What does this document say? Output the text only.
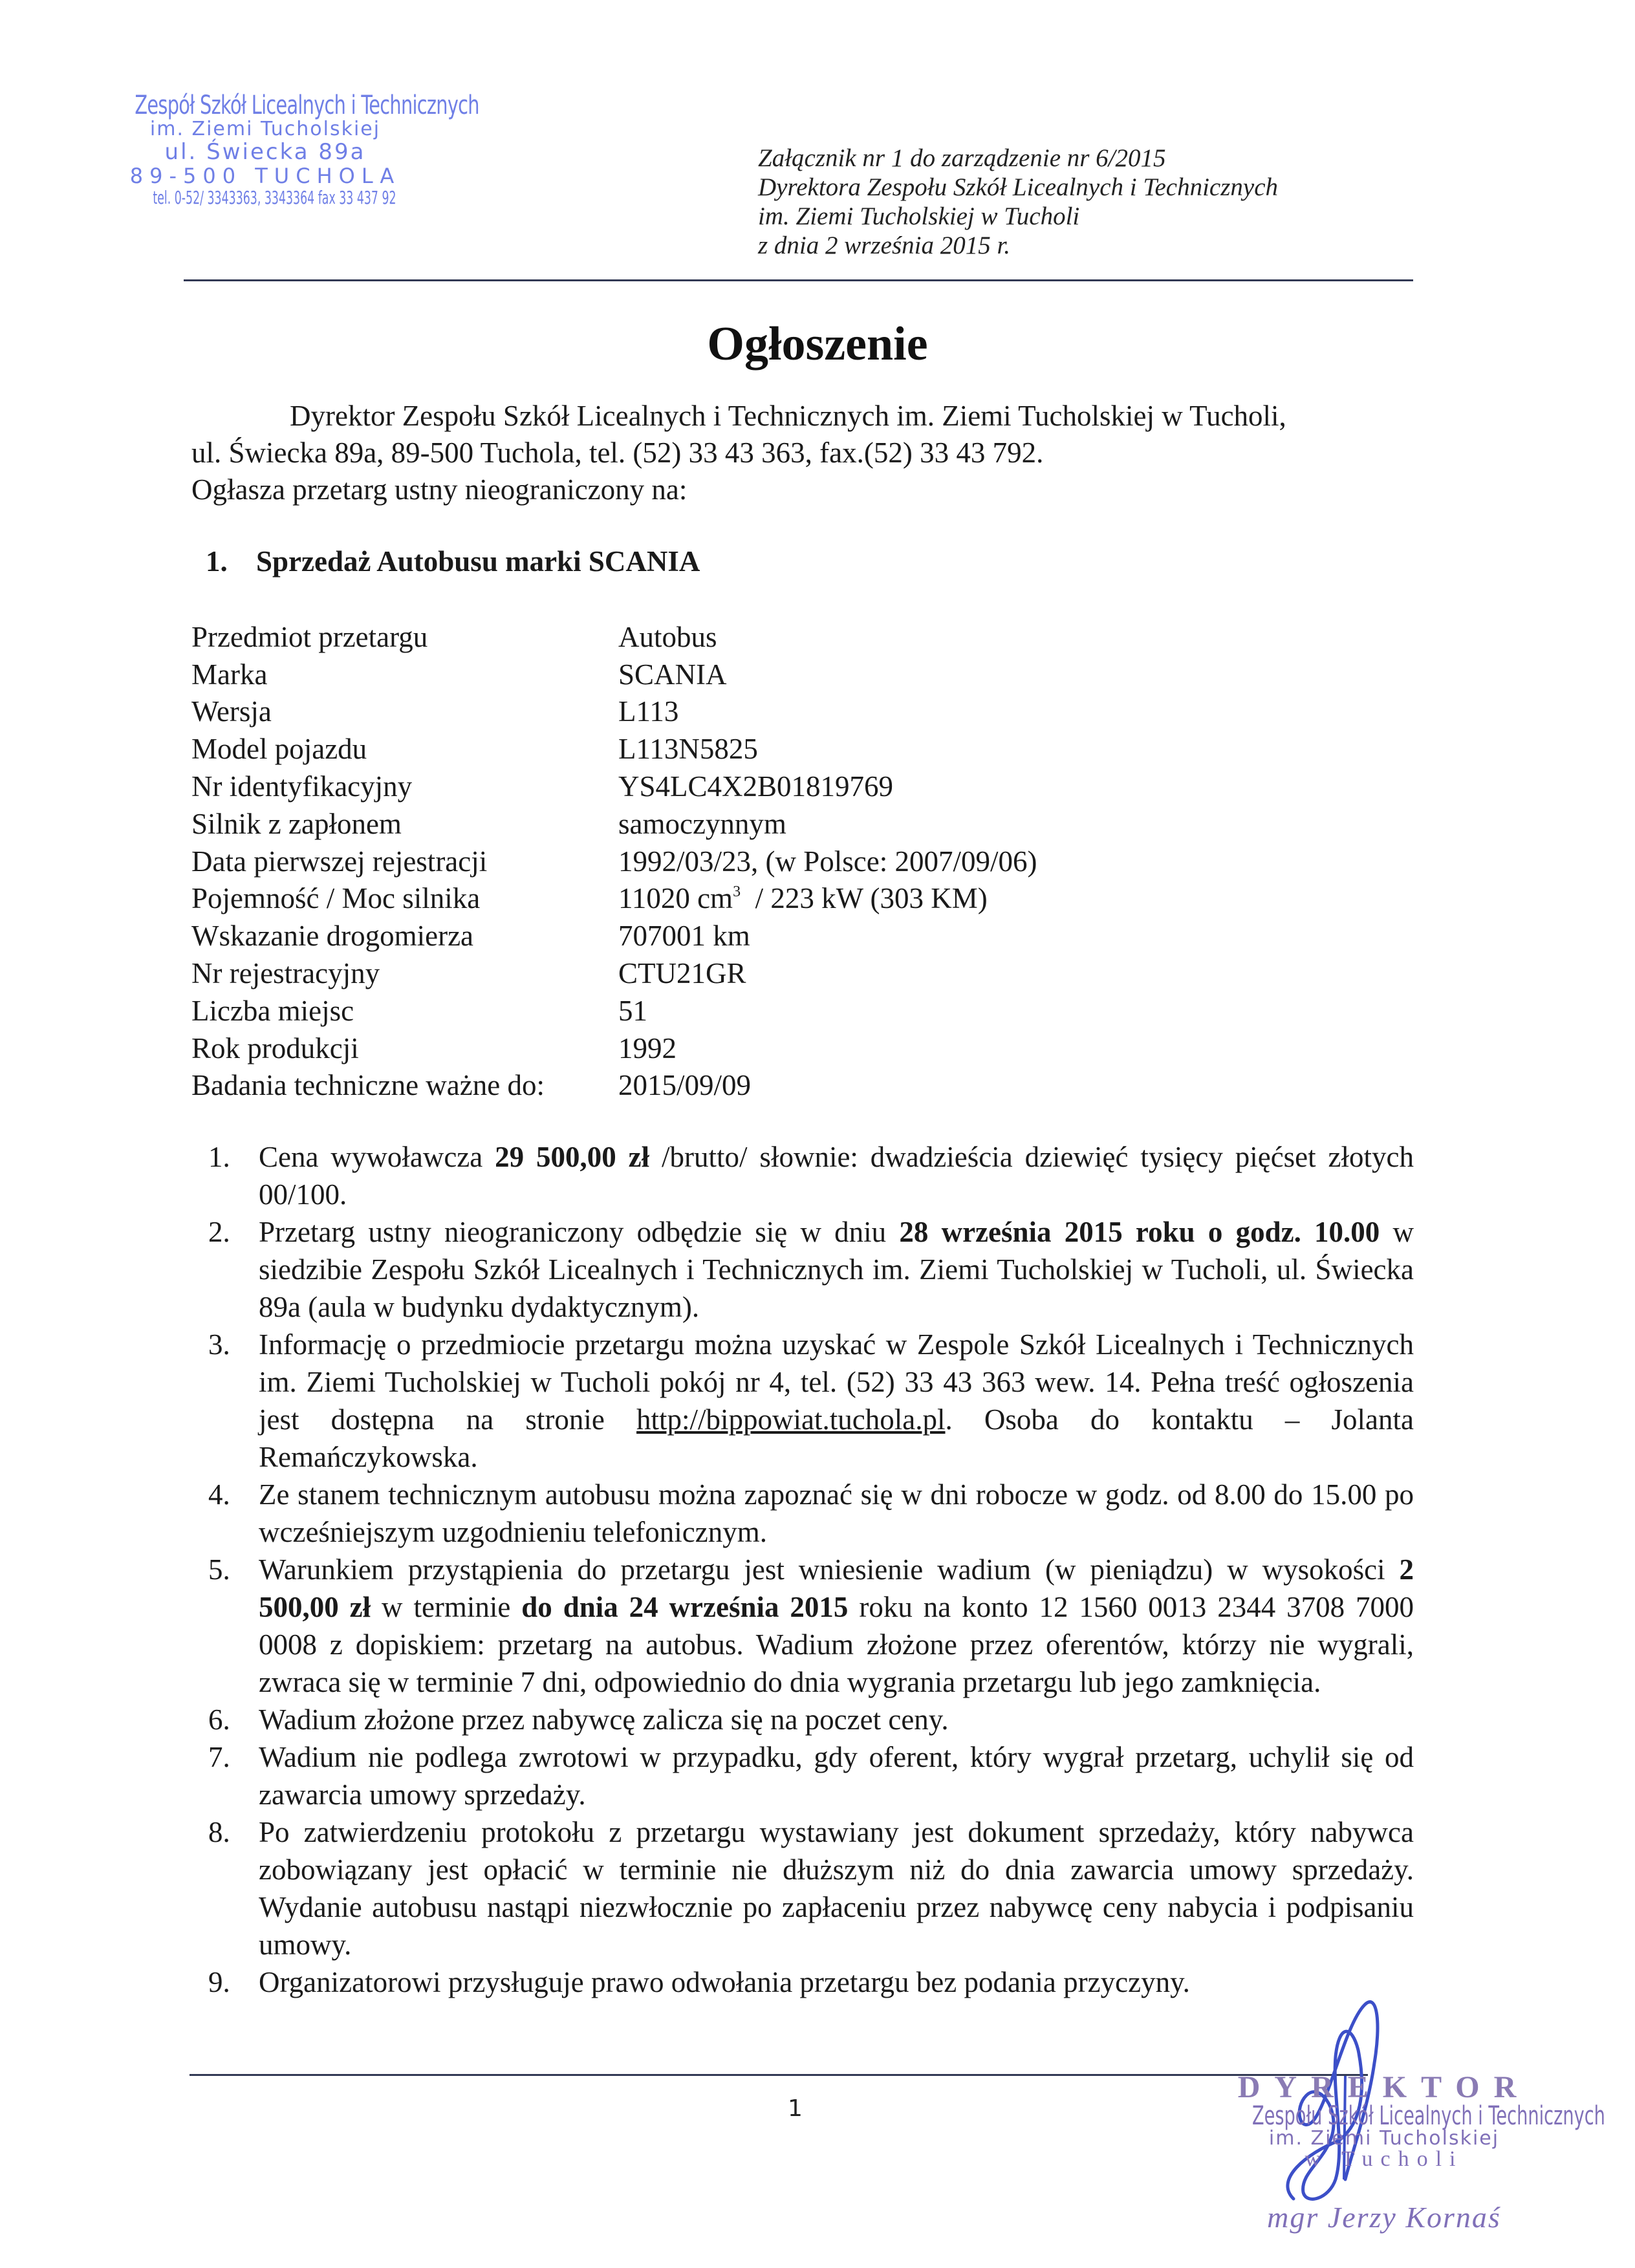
Zespół Szkół Licealnych i Technicznych
im. Ziemi Tucholskiej
ul. Świecka 89a
89-500 TUCHOLA
tel. 0-52/ 3343363, 3343364 fax 33 437 92
Załącznik nr 1 do zarządzenie nr 6/2015
Dyrektora Zespołu Szkół Licealnych i Technicznych
im. Ziemi Tucholskiej w Tucholi
z dnia 2 września 2015 r.
Ogłoszenie

Dyrektor Zespołu Szkół Licealnych i Technicznych im. Ziemi Tucholskiej w Tucholi,

ul. Świecka 89a, 89-500 Tuchola, tel. (52) 33 43 363, fax.(52) 33 43 792.

Ogłasza przetarg ustny nieograniczony na:

1. Sprzedaż Autobusu marki SCANIA
Przedmiot przetargu	Autobus
Marka	SCANIA
Wersja	L113
Model pojazdu	L113N5825
Nr identyfikacyjny	YS4LC4X2B01819769
Silnik z zapłonem	samoczynnym
Data pierwszej rejestracji	1992/03/23, (w Polsce: 2007/09/06)
Pojemność / Moc silnika	11020 $cm^3 / 223$ kW (303 KM)
Wskazanie drogomierza	707001 km
Nr rejestracyjny	CTU21GR
Liczba miejsc	51
Rok produkcji	1992
Badania techniczne ważne do:	2015/09/09
1. Cena wywoławcza 29 500,00 zł /brutto/ słownie: dwadzieścia dziewięć tysięcy pięćset złotych 00/100.
2. Przetarg ustny nieograniczony odbędzie się w dniu 28 września 2015 roku o godz. 10.00 w siedzibie Zespołu Szkół Licealnych i Technicznych im. Ziemi Tucholskiej w Tucholi, ul. Świecka 89a (aula w budynku dydaktycznym).
3. Informację o przedmiocie przetargu można uzyskać w Zespole Szkół Licealnych i Technicznych im. Ziemi Tucholskiej w Tucholi pokój nr 4, tel. (52) 33 43 363 wew. 14. Pełna treść ogłoszenia jest dostępna na stronie http://bippowiat.tuchola.pl. Osoba do kontaktu – Jolanta Remańczykowska.
4. Ze stanem technicznym autobusu można zapoznać się w dni robocze w godz. od 8.00 do 15.00 po wcześniejszym uzgodnieniu telefonicznym.
5. Warunkiem przystąpienia do przetargu jest wniesienie wadium (w pieniądzu) w wysokości 2 500,00 zł w terminie do dnia 24 września 2015 roku na konto 12 1560 0013 2344 3708 7000 0008 z dopiskiem: przetarg na autobus. Wadium złożone przez oferentów, którzy nie wygrali, zwraca się w terminie 7 dni, odpowiednio do dnia wygrania przetargu lub jego zamknięcia.
6. Wadium złożone przez nabywcę zalicza się na poczet ceny.
7. Wadium nie podlega zwrotowi w przypadku, gdy oferent, który wygrał przetarg, uchylił się od zawarcia umowy sprzedaży.
8. Po zatwierdzeniu protokołu z przetargu wystawiany jest dokument sprzedaży, który nabywca zobowiązany jest opłacić w terminie nie dłuższym niż do dnia zawarcia umowy sprzedaży. Wydanie autobusu nastąpi niezwłocznie po zapłaceniu przez nabywcę ceny nabycia i podpisaniu umowy.
9. Organizatorowi przysługuje prawo odwołania przetargu bez podania przyczyny.
1
DYREKTOR
Zespołu Szkół Licealnych i Technicznych
im. Ziemi Tucholskiej
w Tucholi
mgr Jerzy Kornaś
